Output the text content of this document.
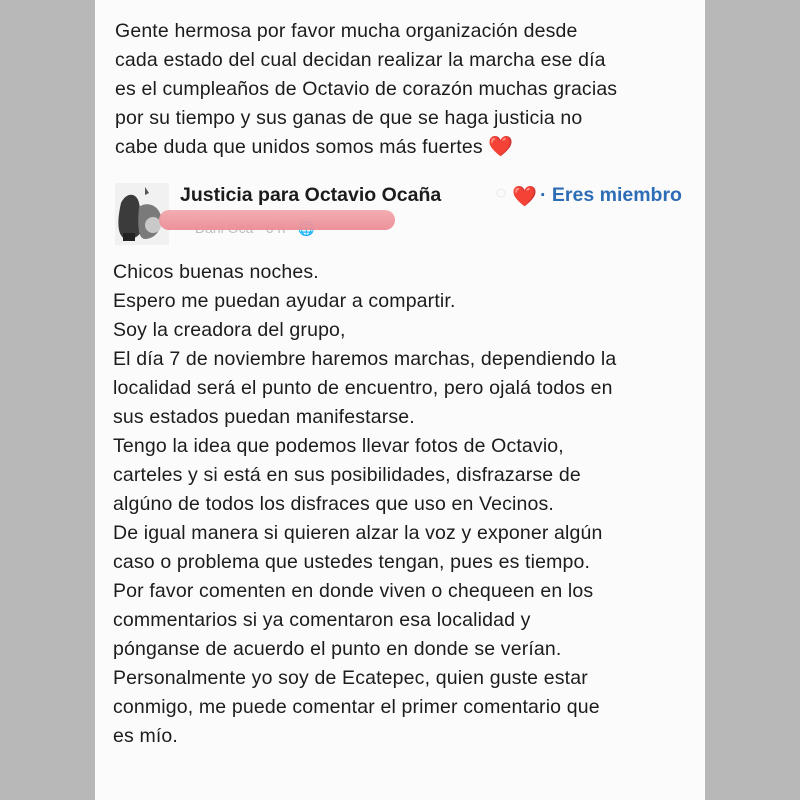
Gente hermosa por favor mucha organización desde
cada estado del cual decidan realizar la marcha ese día
es el cumpleaños de Octavio de corazón muchas gracias
por su tiempo y sus ganas de que se haga justicia no
cabe duda que unidos somos más fuertes ❤️
Justicia para Octavio Ocaña	○ ❤️ · Eres miembro
Chicos buenas noches.
Espero me puedan ayudar a compartir.
Soy la creadora del grupo,
El día 7 de noviembre haremos marchas, dependiendo la
localidad será el punto de encuentro, pero ojalá todos en
sus estados puedan manifestarse.
Tengo la idea que podemos llevar fotos de Octavio,
carteles y si está en sus posibilidades, disfrazarse de
algúno de todos los disfraces que uso en Vecinos.
De igual manera si quieren alzar la voz y exponer algún
caso o problema que ustedes tengan, pues es tiempo.
Por favor comenten en donde viven o chequeen en los
commentarios si ya comentaron esa localidad y
pónganse de acuerdo el punto en donde se verían.
Personalmente yo soy de Ecatepec, quien guste estar
conmigo, me puede comentar el primer comentario que
es mío.
